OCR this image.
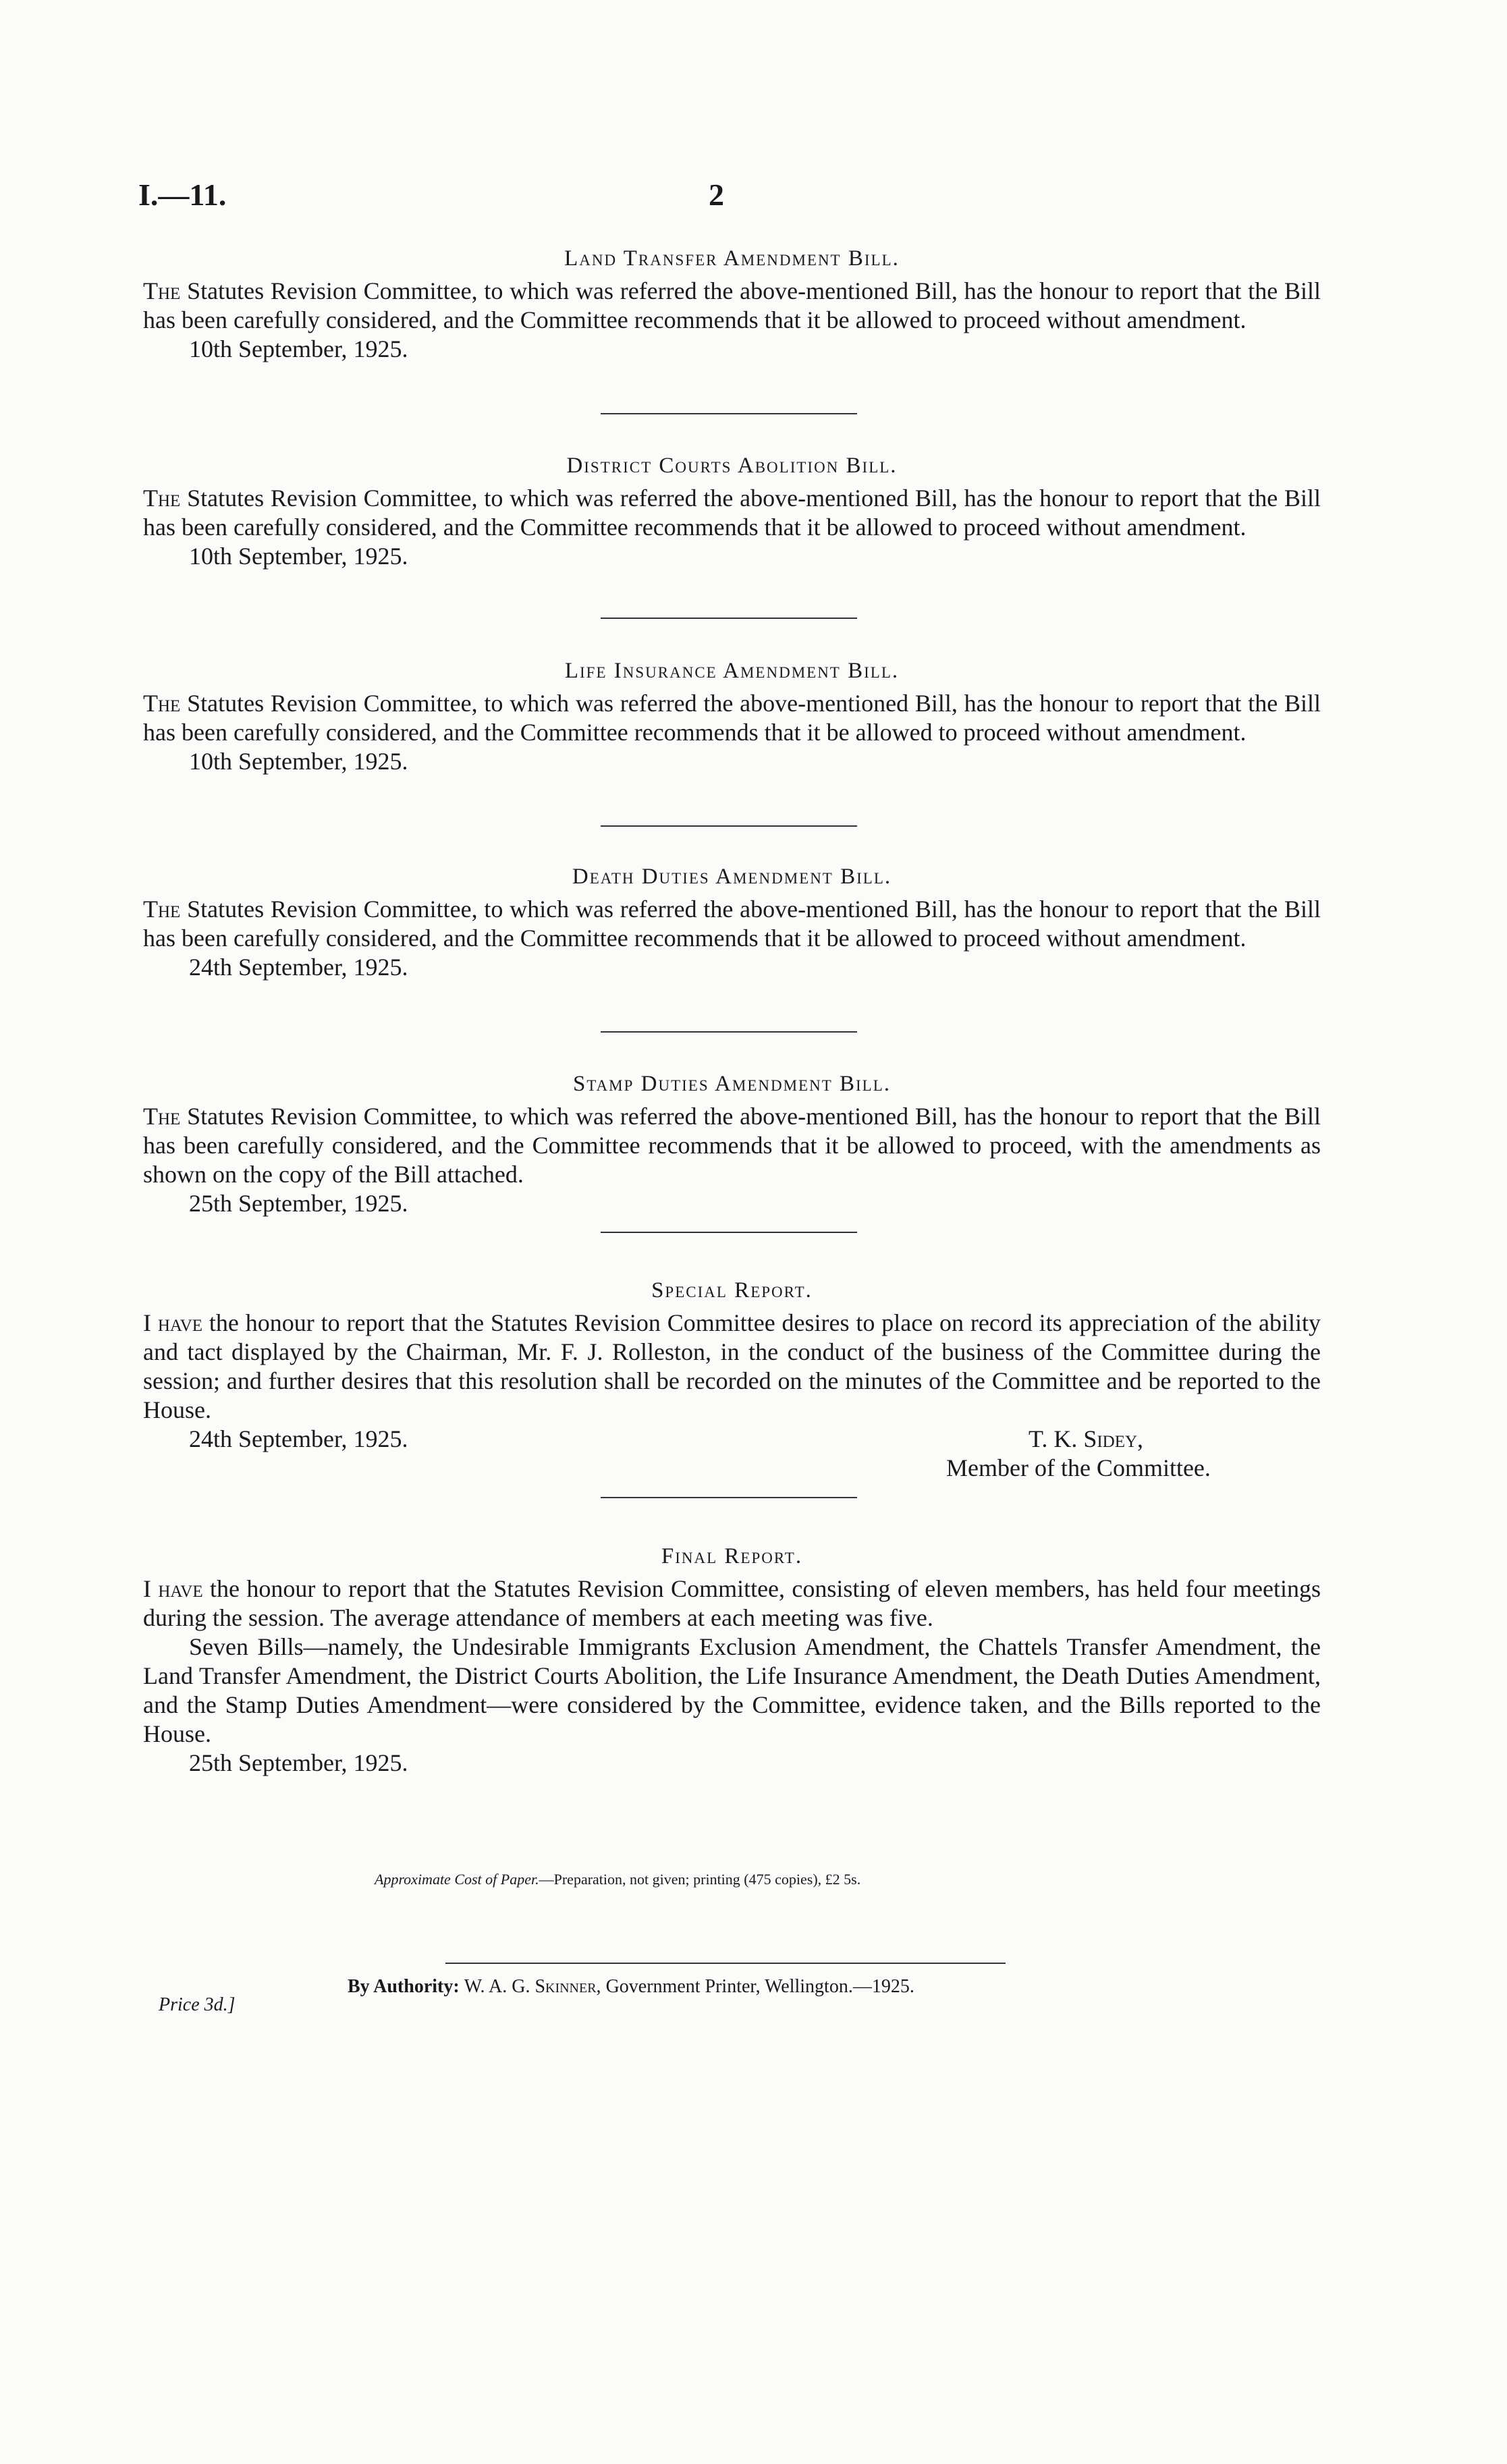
I.—11.	2
Land Transfer Amendment Bill.

The Statutes Revision Committee, to which was referred the above-mentioned Bill, has the honour to report that the Bill has been carefully considered, and the Committee recommends that it be allowed to proceed without amendment.

10th September, 1925.

District Courts Abolition Bill.

The Statutes Revision Committee, to which was referred the above-mentioned Bill, has the honour to report that the Bill has been carefully considered, and the Committee recommends that it be allowed to proceed without amendment.

10th September, 1925.

Life Insurance Amendment Bill.

The Statutes Revision Committee, to which was referred the above-mentioned Bill, has the honour to report that the Bill has been carefully considered, and the Committee recommends that it be allowed to proceed without amendment.

10th September, 1925.

Death Duties Amendment Bill.

The Statutes Revision Committee, to which was referred the above-mentioned Bill, has the honour to report that the Bill has been carefully considered, and the Committee recommends that it be allowed to proceed without amendment.

24th September, 1925.

Stamp Duties Amendment Bill.

The Statutes Revision Committee, to which was referred the above-mentioned Bill, has the honour to report that the Bill has been carefully considered, and the Committee recommends that it be allowed to proceed, with the amendments as shown on the copy of the Bill attached.

25th September, 1925.

Special Report.

I have the honour to report that the Statutes Revision Committee desires to place on record its appreciation of the ability and tact displayed by the Chairman, Mr. F. J. Rolleston, in the conduct of the business of the Committee during the session; and further desires that this resolution shall be recorded on the minutes of the Committee and be reported to the House.

24th September, 1925.	T. K. Sidey,
Member of the Committee.
Final Report.

I have the honour to report that the Statutes Revision Committee, consisting of eleven members, has held four meetings during the session. The average attendance of members at each meeting was five.

Seven Bills—namely, the Undesirable Immigrants Exclusion Amendment, the Chattels Transfer Amendment, the Land Transfer Amendment, the District Courts Abolition, the Life Insurance Amendment, the Death Duties Amendment, and the Stamp Duties Amendment—were considered by the Committee, evidence taken, and the Bills reported to the House.

25th September, 1925.

Approximate Cost of Paper.—Preparation, not given; printing (475 copies), £2 5s.
By Authority: W. A. G. Skinner, Government Printer, Wellington.—1925.
Price 3d.]
